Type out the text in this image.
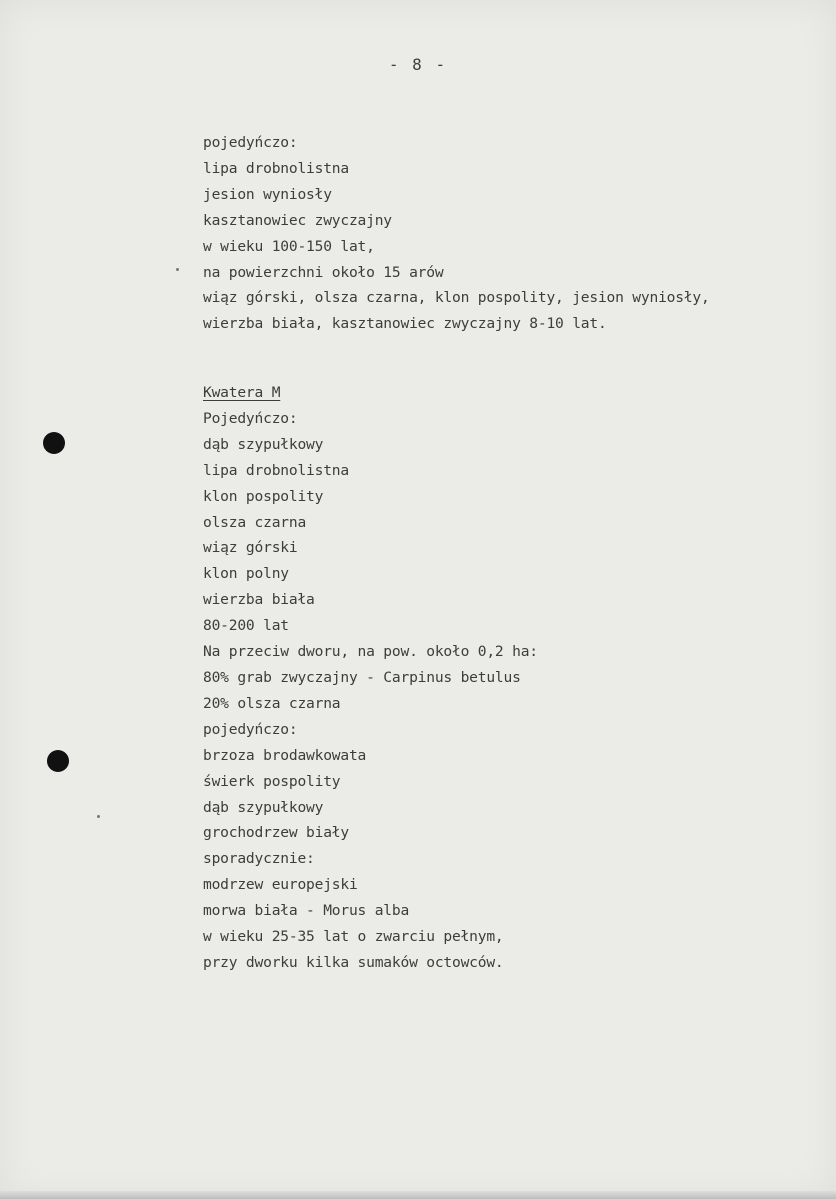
- 8 -
pojedyńczo:
lipa drobnolistna
jesion wyniosły
kasztanowiec zwyczajny
w wieku 100-150 lat,
na powierzchni około 15 arów
wiąz górski, olsza czarna, klon pospolity, jesion wyniosły,
wierzba biała, kasztanowiec zwyczajny 8-10 lat.
Kwatera M
Pojedyńczo:
dąb szypułkowy
lipa drobnolistna
klon pospolity
olsza czarna
wiąz górski
klon polny
wierzba biała
80-200 lat
Na przeciw dworu, na pow. około 0,2 ha:
80% grab zwyczajny - Carpinus betulus
20% olsza czarna
pojedyńczo:
brzoza brodawkowata
świerk pospolity
dąb szypułkowy
grochodrzew biały
sporadycznie:
modrzew europejski
morwa biała - Morus alba
w wieku 25-35 lat o zwarciu pełnym,
przy dworku kilka sumaków octowców.
